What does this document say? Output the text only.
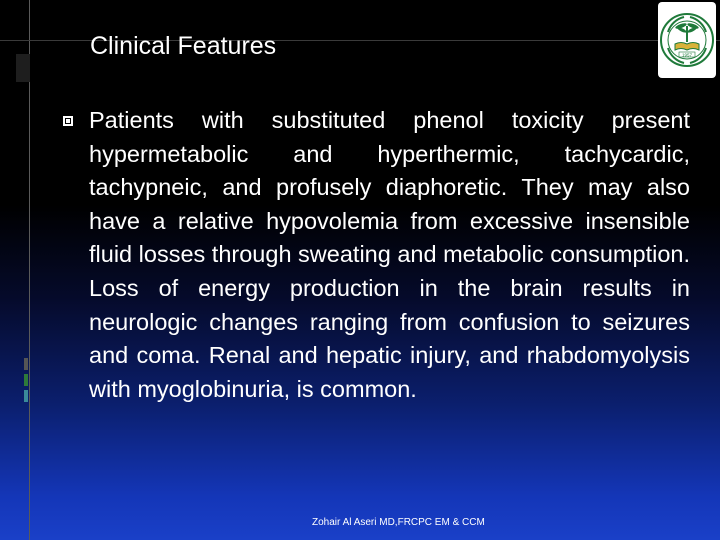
Clinical Features	1957
Patients with substituted phenol toxicity present hypermetabolic and hyperthermic, tachycardic, tachypneic, and profusely diaphoretic. They may also have a relative hypovolemia from excessive insensible fluid losses through sweating and metabolic consumption. Loss of energy production in the brain results in neurologic changes ranging from confusion to seizures and coma. Renal and hepatic injury, and rhabdomyolysis with myoglobinuria, is common.
Zohair Al Aseri MD,FRCPC EM & CCM
